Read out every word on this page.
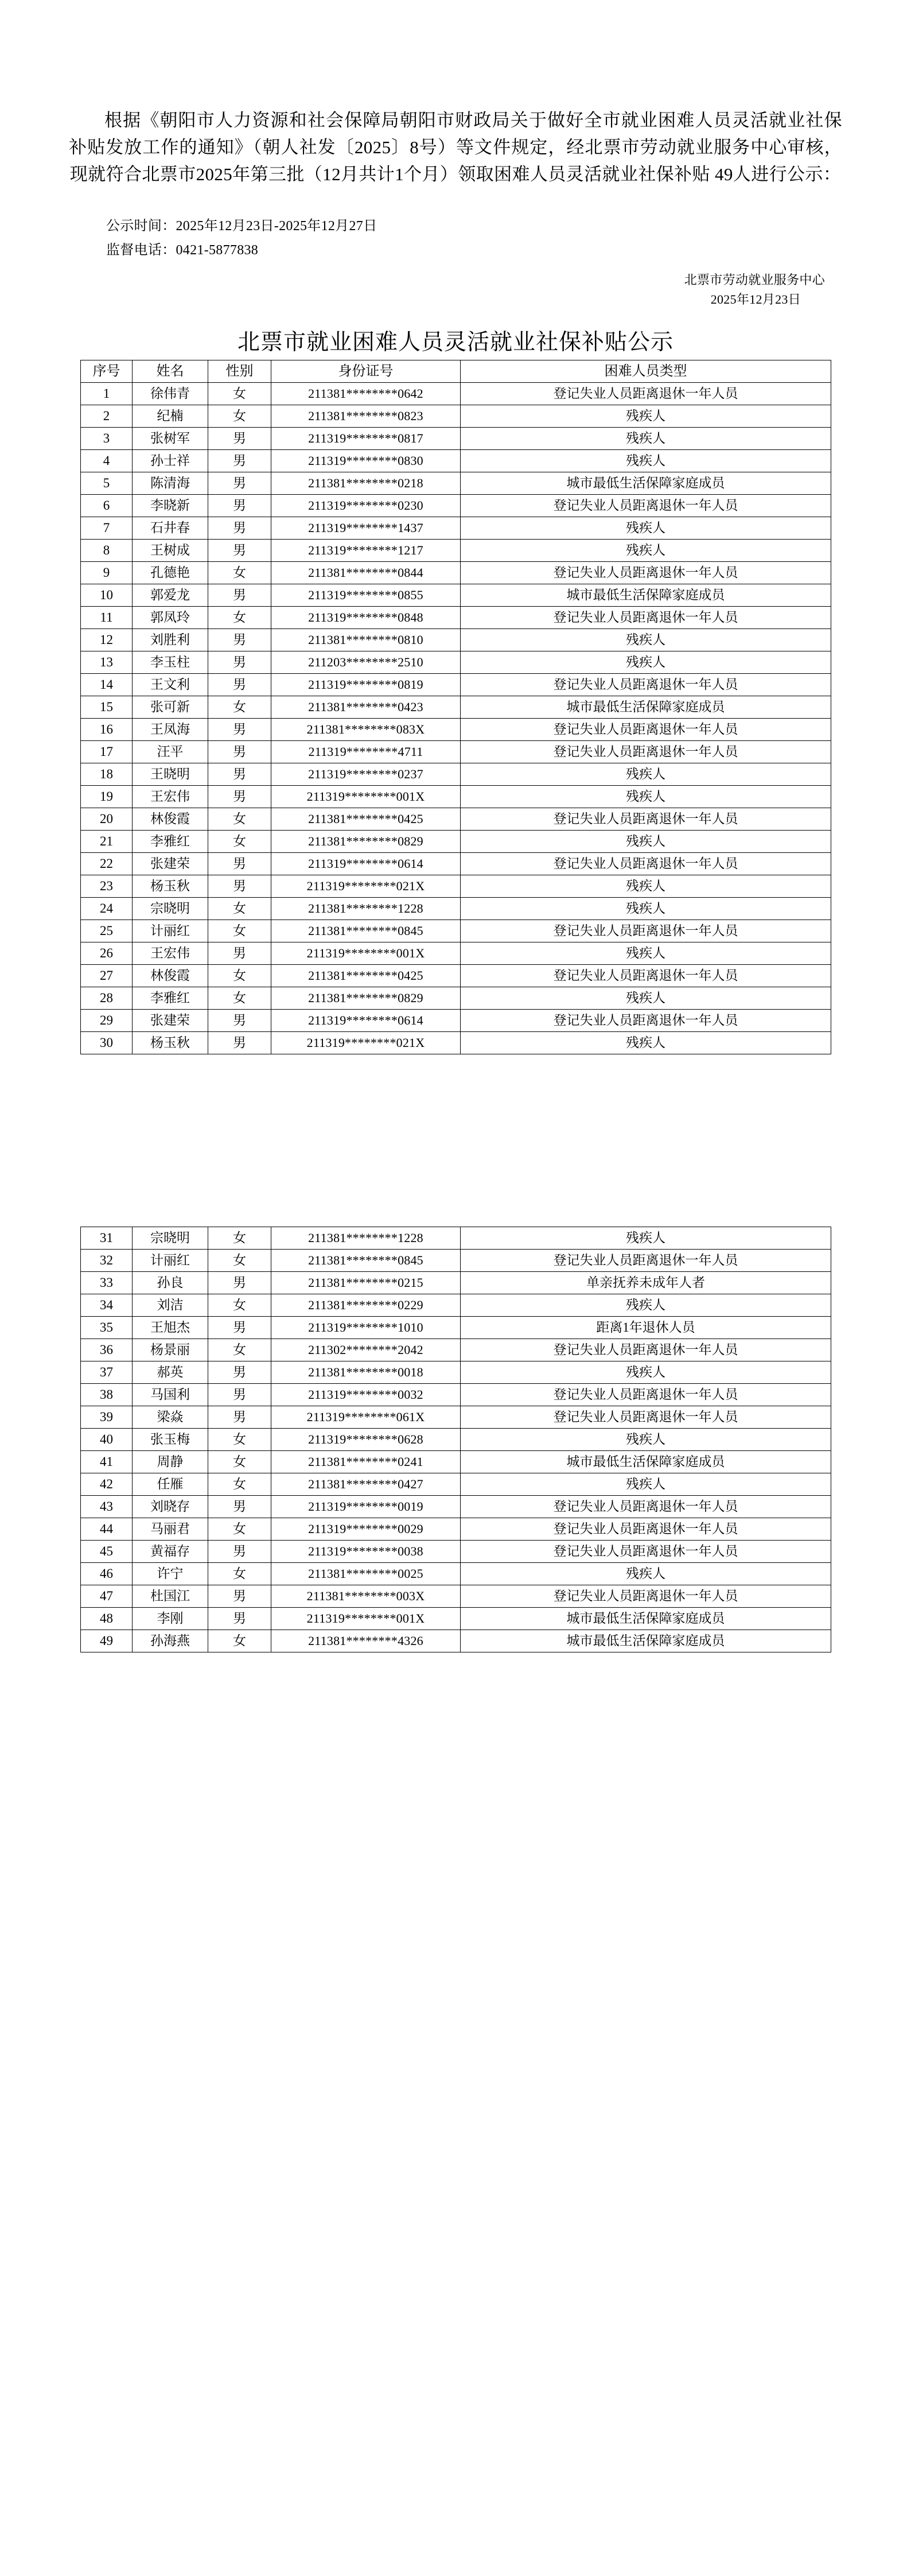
根据《朝阳市人力资源和社会保障局朝阳市财政局关于做好全市就业困难人员灵活就业社保补贴发放工作的通知》（朝人社发〔2025〕8号）等文件规定，经北票市劳动就业服务中心审核，现就符合北票市2025年第三批（12月共计1个月）领取困难人员灵活就业社保补贴 49人进行公示：

公示时间：2025年12月23日-2025年12月27日
监督电话：0421-5877838
北票市劳动就业服务中心
2025年12月23日
北票市就业困难人员灵活就业社保补贴公示
序号	姓名	性别	身份证号	困难人员类型
1	徐伟青	女	211381********0642	登记失业人员距离退休一年人员
2	纪楠	女	211381********0823	残疾人
3	张树军	男	211319********0817	残疾人
4	孙士祥	男	211319********0830	残疾人
5	陈清海	男	211381********0218	城市最低生活保障家庭成员
6	李晓新	男	211319********0230	登记失业人员距离退休一年人员
7	石井春	男	211319********1437	残疾人
8	王树成	男	211319********1217	残疾人
9	孔德艳	女	211381********0844	登记失业人员距离退休一年人员
10	郭爱龙	男	211319********0855	城市最低生活保障家庭成员
11	郭凤玲	女	211319********0848	登记失业人员距离退休一年人员
12	刘胜利	男	211381********0810	残疾人
13	李玉柱	男	211203********2510	残疾人
14	王文利	男	211319********0819	登记失业人员距离退休一年人员
15	张可新	女	211381********0423	城市最低生活保障家庭成员
16	王凤海	男	211381********083X	登记失业人员距离退休一年人员
17	汪平	男	211319********4711	登记失业人员距离退休一年人员
18	王晓明	男	211319********0237	残疾人
19	王宏伟	男	211319********001X	残疾人
20	林俊霞	女	211381********0425	登记失业人员距离退休一年人员
21	李雅红	女	211381********0829	残疾人
22	张建荣	男	211319********0614	登记失业人员距离退休一年人员
23	杨玉秋	男	211319********021X	残疾人
24	宗晓明	女	211381********1228	残疾人
25	计丽红	女	211381********0845	登记失业人员距离退休一年人员
26	王宏伟	男	211319********001X	残疾人
27	林俊霞	女	211381********0425	登记失业人员距离退休一年人员
28	李雅红	女	211381********0829	残疾人
29	张建荣	男	211319********0614	登记失业人员距离退休一年人员
30	杨玉秋	男	211319********021X	残疾人
31	宗晓明	女	211381********1228	残疾人
32	计丽红	女	211381********0845	登记失业人员距离退休一年人员
33	孙良	男	211381********0215	单亲抚养未成年人者
34	刘洁	女	211381********0229	残疾人
35	王旭杰	男	211319********1010	距离1年退休人员
36	杨景丽	女	211302********2042	登记失业人员距离退休一年人员
37	郝英	男	211381********0018	残疾人
38	马国利	男	211319********0032	登记失业人员距离退休一年人员
39	梁焱	男	211319********061X	登记失业人员距离退休一年人员
40	张玉梅	女	211319********0628	残疾人
41	周静	女	211381********0241	城市最低生活保障家庭成员
42	任雁	女	211381********0427	残疾人
43	刘晓存	男	211319********0019	登记失业人员距离退休一年人员
44	马丽君	女	211319********0029	登记失业人员距离退休一年人员
45	黄福存	男	211319********0038	登记失业人员距离退休一年人员
46	许宁	女	211381********0025	残疾人
47	杜国江	男	211381********003X	登记失业人员距离退休一年人员
48	李刚	男	211319********001X	城市最低生活保障家庭成员
49	孙海燕	女	211381********4326	城市最低生活保障家庭成员
